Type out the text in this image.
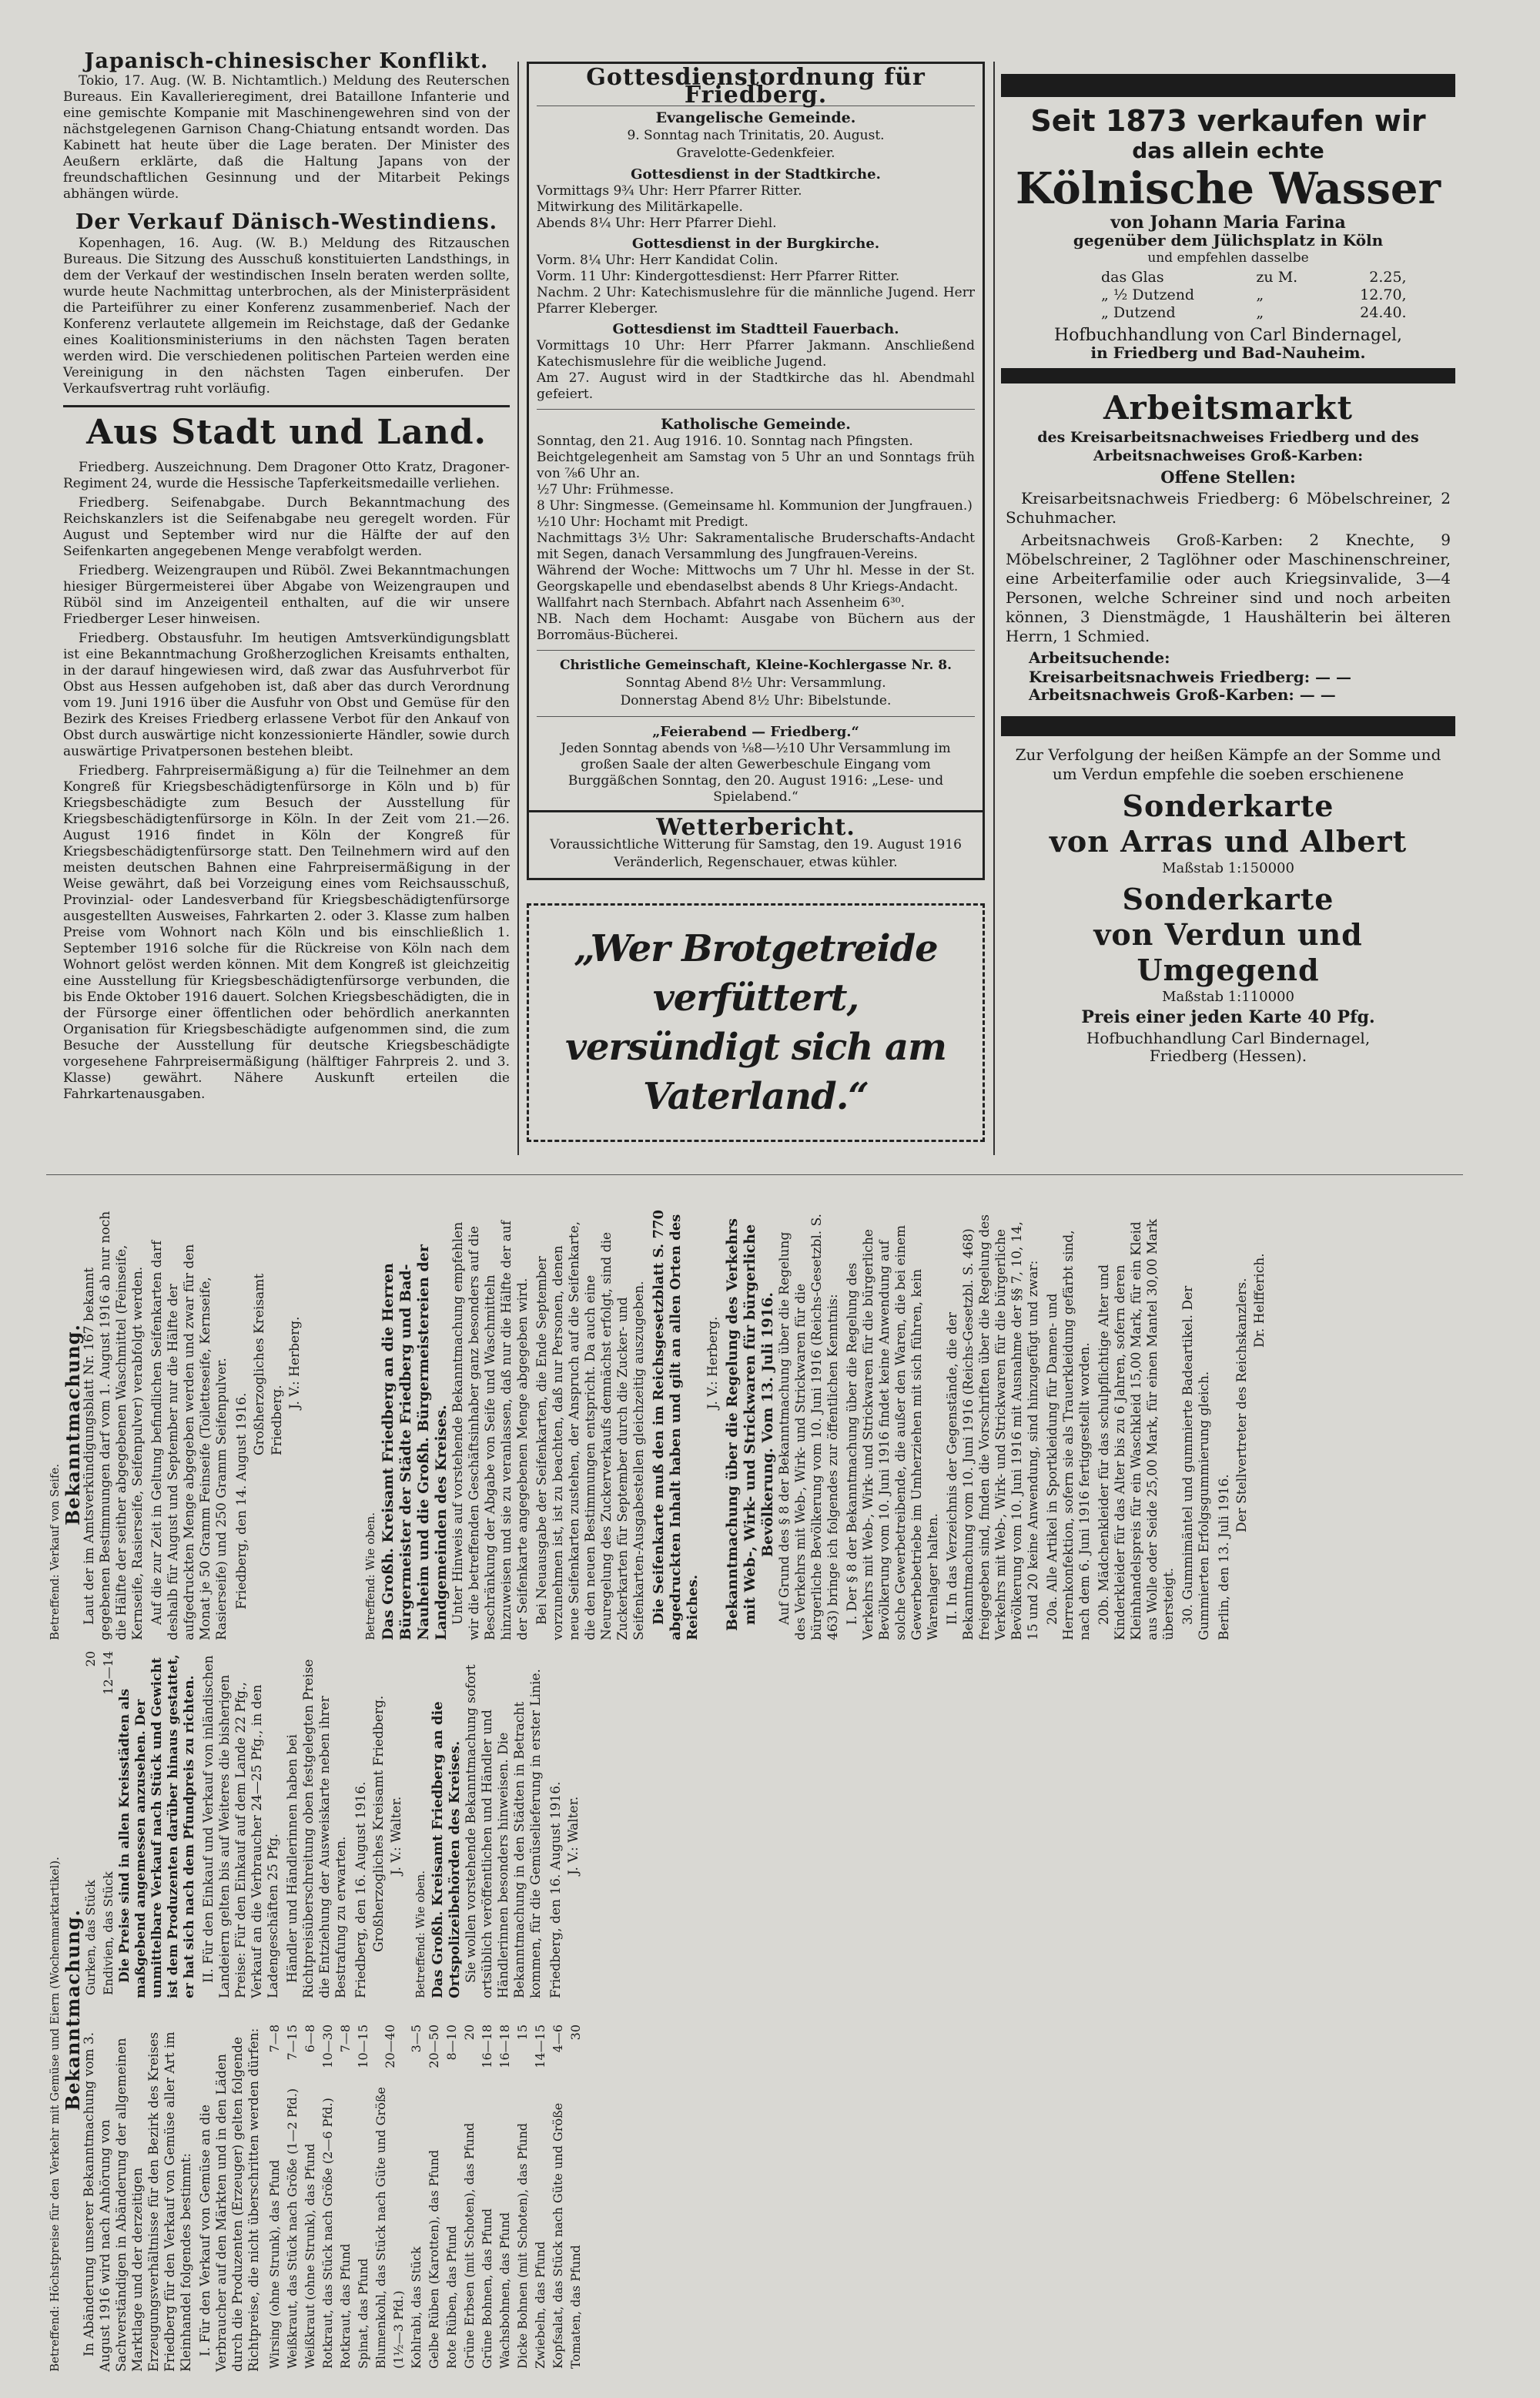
Japanisch-chinesischer Konflikt.

Tokio, 17. Aug. (W. B. Nichtamtlich.) Meldung des Reuterschen Bureaus. Ein Kavallerieregiment, drei Bataillone Infanterie und eine gemischte Kompanie mit Maschinengewehren sind von der nächstgelegenen Garnison Chang-Chiatung entsandt worden. Das Kabinett hat heute über die Lage beraten. Der Minister des Aeußern erklärte, daß die Haltung Japans von der freundschaftlichen Gesinnung und der Mitarbeit Pekings abhängen würde.

Der Verkauf Dänisch-Westindiens.

Kopenhagen, 16. Aug. (W. B.) Meldung des Ritzauschen Bureaus. Die Sitzung des Ausschuß konstituierten Landsthings, in dem der Verkauf der westindischen Inseln beraten werden sollte, wurde heute Nachmittag unterbrochen, als der Ministerpräsident die Parteiführer zu einer Konferenz zusammenberief. Nach der Konferenz verlautete allgemein im Reichstage, daß der Gedanke eines Koalitionsministeriums in den nächsten Tagen beraten werden wird. Die verschiedenen politischen Parteien werden eine Vereinigung in den nächsten Tagen einberufen. Der Verkaufsvertrag ruht vorläufig.

Aus Stadt und Land.

Friedberg. Auszeichnung. Dem Dragoner Otto Kratz, Dragoner-Regiment 24, wurde die Hessische Tapferkeitsmedaille verliehen.

Friedberg. Seifenabgabe. Durch Bekanntmachung des Reichskanzlers ist die Seifenabgabe neu geregelt worden. Für August und September wird nur die Hälfte der auf den Seifenkarten angegebenen Menge verabfolgt werden.

Friedberg. Weizengraupen und Rüböl. Zwei Bekanntmachungen hiesiger Bürgermeisterei über Abgabe von Weizengraupen und Rüböl sind im Anzeigenteil enthalten, auf die wir unsere Friedberger Leser hinweisen.

Friedberg. Obstausfuhr. Im heutigen Amtsverkündigungsblatt ist eine Bekanntmachung Großherzoglichen Kreisamts enthalten, in der darauf hingewiesen wird, daß zwar das Ausfuhrverbot für Obst aus Hessen aufgehoben ist, daß aber das durch Verordnung vom 19. Juni 1916 über die Ausfuhr von Obst und Gemüse für den Bezirk des Kreises Friedberg erlassene Verbot für den Ankauf von Obst durch auswärtige nicht konzessionierte Händler, sowie durch auswärtige Privatpersonen bestehen bleibt.

Friedberg. Fahrpreisermäßigung a) für die Teilnehmer an dem Kongreß für Kriegsbeschädigtenfürsorge in Köln und b) für Kriegsbeschädigte zum Besuch der Ausstellung für Kriegsbeschädigtenfürsorge in Köln. In der Zeit vom 21.—26. August 1916 findet in Köln der Kongreß für Kriegsbeschädigtenfürsorge statt. Den Teilnehmern wird auf den meisten deutschen Bahnen eine Fahrpreisermäßigung in der Weise gewährt, daß bei Vorzeigung eines vom Reichsausschuß, Provinzial- oder Landesverband für Kriegsbeschädigtenfürsorge ausgestellten Ausweises, Fahrkarten 2. oder 3. Klasse zum halben Preise vom Wohnort nach Köln und bis einschließlich 1. September 1916 solche für die Rückreise von Köln nach dem Wohnort gelöst werden können. Mit dem Kongreß ist gleichzeitig eine Ausstellung für Kriegsbeschädigtenfürsorge verbunden, die bis Ende Oktober 1916 dauert. Solchen Kriegsbeschädigten, die in der Fürsorge einer öffentlichen oder behördlich anerkannten Organisation für Kriegsbeschädigte aufgenommen sind, die zum Besuche der Ausstellung für deutsche Kriegsbeschädigte vorgesehene Fahrpreisermäßigung (hälftiger Fahrpreis 2. und 3. Klasse) gewährt. Nähere Auskunft erteilen die Fahrkartenausgaben.

Gottesdienstordnung für Friedberg.
Evangelische Gemeinde.
9. Sonntag nach Trinitatis, 20. August.
Gravelotte-Gedenkfeier.
Gottesdienst in der Stadtkirche.
Vormittags 9¾ Uhr: Herr Pfarrer Ritter.
Mitwirkung des Militärkapelle.
Abends 8¼ Uhr: Herr Pfarrer Diehl.
Gottesdienst in der Burgkirche.
Vorm. 8¼ Uhr: Herr Kandidat Colin.
Vorm. 11 Uhr: Kindergottesdienst: Herr Pfarrer Ritter.
Nachm. 2 Uhr: Katechismuslehre für die männliche Jugend. Herr Pfarrer Kleberger.
Gottesdienst im Stadtteil Fauerbach.
Vormittags 10 Uhr: Herr Pfarrer Jakmann. Anschließend Katechismuslehre für die weibliche Jugend.
Am 27. August wird in der Stadtkirche das hl. Abendmahl gefeiert.
Katholische Gemeinde.
Sonntag, den 21. Aug 1916. 10. Sonntag nach Pfingsten.
Beichtgelegenheit am Samstag von 5 Uhr an und Sonntags früh von ⅞6 Uhr an.
½7 Uhr: Frühmesse.
8 Uhr: Singmesse. (Gemeinsame hl. Kommunion der Jungfrauen.)
½10 Uhr: Hochamt mit Predigt.
Nachmittags 3½ Uhr: Sakramentalische Bruderschafts-Andacht mit Segen, danach Versammlung des Jungfrauen-Vereins.
Während der Woche: Mittwochs um 7 Uhr hl. Messe in der St. Georgskapelle und ebendaselbst abends 8 Uhr Kriegs-Andacht.
Wallfahrt nach Sternbach. Abfahrt nach Assenheim 6³⁰.
NB. Nach dem Hochamt: Ausgabe von Büchern aus der Borromäus-Bücherei.
Christliche Gemeinschaft, Kleine-Kochlergasse Nr. 8.
Sonntag Abend 8½ Uhr: Versammlung.
Donnerstag Abend 8½ Uhr: Bibelstunde.
„Feierabend — Friedberg.“
Jeden Sonntag abends von ⅛8—½10 Uhr Versammlung im großen Saale der alten Gewerbeschule Eingang vom Burggäßchen Sonntag, den 20. August 1916: „Lese- und Spielabend.“
Wetterbericht.
Voraussichtliche Witterung für Samstag, den 19. August 1916
Veränderlich, Regenschauer, etwas kühler.
„Wer Brotgetreide verfüttert,
versündigt sich am Vaterland.“
Seit 1873 verkaufen wir
das allein echte
Kölnische Wasser
von Johann Maria Farina
gegenüber dem Jülichsplatz in Köln
und empfehlen dasselbe
das Glas	zu M.	2.25,
„ ½ Dutzend	„	12.70,
„ Dutzend	„	24.40.
Hofbuchhandlung von Carl Bindernagel,
in Friedberg und Bad-Nauheim.
Arbeitsmarkt
des Kreisarbeitsnachweises Friedberg und des Arbeitsnachweises Groß-Karben:
Offene Stellen:

Kreisarbeitsnachweis Friedberg: 6 Möbelschreiner, 2 Schuhmacher.

Arbeitsnachweis Groß-Karben: 2 Knechte, 9 Möbelschreiner, 2 Taglöhner oder Maschinenschreiner, eine Arbeiterfamilie oder auch Kriegsinvalide, 3—4 Personen, welche Schreiner sind und noch arbeiten können, 3 Dienstmägde, 1 Haushälterin bei älteren Herrn, 1 Schmied.

Arbeitsuchende:
Kreisarbeitsnachweis Friedberg: — —
Arbeitsnachweis Groß-Karben: — —
Zur Verfolgung der heißen Kämpfe an der Somme und um Verdun empfehle die soeben erschienene
Sonderkarte
von Arras und Albert
Maßstab 1:150000
Sonderkarte
von Verdun und Umgegend
Maßstab 1:110000
Preis einer jeden Karte 40 Pfg.
Hofbuchhandlung Carl Bindernagel,
Friedberg (Hessen).
Betreffend: Verkauf von Seife.
Bekanntmachung.

Laut der im Amtsverkündigungsblatt Nr. 167 bekannt gegebenen Bestimmungen darf vom 1. August 1916 ab nur noch die Hälfte der seither abgegebenen Waschmittel (Feinseife, Kernseife, Rasierseife, Seifenpulver) verabfolgt werden. Auf die zur Zeit in Geltung befindlichen Seifenkarten darf deshalb für August und September nur die Hälfte der aufgedruckten Menge abgegeben werden und zwar für den Monat je 50 Gramm Feinseife (Toiletteseife, Kernseife, Rasierseife) und 250 Gramm Seifenpulver. Friedberg, den 14. August 1916.
Großherzogliches Kreisamt Friedberg.
J. V.: Herberg.
Betreffend: Wie oben. Das Großh. Kreisamt Friedberg an die Herren Bürgermeister der Städte Friedberg und Bad-Nauheim und die Großh. Bürgermeistereien der Landgemeinden des Kreises. Unter Hinweis auf vorstehende Bekanntmachung empfehlen wir die betreffenden Geschäftsinhaber ganz besonders auf die Beschränkung der Abgabe von Seife und Waschmitteln hinzuweisen und sie zu veranlassen, daß nur die Hälfte der auf der Seifenkarte angegebenen Menge abgegeben wird. Bei Neuausgabe der Seifenkarten, die Ende September vorzunehmen ist, ist zu beachten, daß nur Personen, denen neue Seifenkarten zustehen, der Anspruch auf die Seifenkarte, die den neuen Bestimmungen entspricht. Da auch eine Neuregelung des Zuckerverkaufs demnächst erfolgt, sind die Zuckerkarten für September durch die Zucker- und Seifenkarten-Ausgabestellen gleichzeitig auszugeben. Die Seifenkarte muß den im Reichsgesetzblatt S. 770 abgedruckten Inhalt haben und gilt an allen Orten des Reiches.

J. V.: Herberg. Bekanntmachung über die Regelung des Verkehrs mit Web-, Wirk- und Strickwaren für bürgerliche Bevölkerung. Vom 13. Juli 1916. Auf Grund des § 8 der Bekanntmachung über die Regelung des Verkehrs mit Web-, Wirk- und Strickwaren für die bürgerliche Bevölkerung vom 10. Juni 1916 (Reichs-Gesetzbl. S. 463) bringe ich folgendes zur öffentlichen Kenntnis: I. Der § 8 der Bekanntmachung über die Regelung des Verkehrs mit Web-, Wirk- und Strickwaren für die bürgerliche Bevölkerung vom 10. Juni 1916 findet keine Anwendung auf solche Gewerbetreibende, die außer den Waren, die bei einem Gewerbebetriebe im Umherziehen mit sich führen, kein Warenlager halten. II. In das Verzeichnis der Gegenstände, die der Bekanntmachung vom 10. Juni 1916 (Reichs-Gesetzbl. S. 468) freigegeben sind, finden die Vorschriften über die Regelung des Verkehrs mit Web-, Wirk- und Strickwaren für die bürgerliche Bevölkerung vom 10. Juni 1916 mit Ausnahme der §§ 7, 10, 14, 15 und 20 keine Anwendung, sind hinzugefügt und zwar: 20a. Alle Artikel in Sportkleidung für Damen- und Herrenkonfektion, sofern sie als Trauerkleidung gefärbt sind, nach dem 6. Juni 1916 fertiggestellt worden. 20b. Mädchenkleider für das schulpflichtige Alter und Kinderkleider für das Alter bis zu 6 Jahren, sofern deren Kleinhandelspreis für ein Waschkleid 15,00 Mark, für ein Kleid aus Wolle oder Seide 25,00 Mark, für einen Mantel 30,00 Mark übersteigt. 30. Gummimäntel und gummierte Badeartikel. Der Gummierten Erfolgsgummierung gleich. Berlin, den 13. Juli 1916.
Der Stellvertreter des Reichskanzlers. Dr. Helfferich.
Betreffend: Höchstpreise für den Verkehr mit Gemüse und Eiern (Wochenmarktartikel). Bekanntmachung.

In Abänderung unserer Bekanntmachung vom 3. August 1916 wird nach Anhörung von Sachverständigen in Abänderung der allgemeinen Marktlage und der derzeitigen Erzeugungsverhältnisse für den Bezirk des Kreises Friedberg für den Verkauf von Gemüse aller Art im Kleinhandel folgendes bestimmt: I. Für den Verkauf von Gemüse an die Verbraucher auf den Märkten und in den Läden durch die Produzenten (Erzeuger) gelten folgende Richtpreise, die nicht überschritten werden dürfen: Wirsing (ohne Strunk), das Pfund	7—8
Weißkraut, das Stück nach Größe (1—2 Pfd.)	7—15
Weißkraut (ohne Strunk), das Pfund	6—8
Rotkraut, das Stück nach Größe (2—6 Pfd.)	10—30
Rotkraut, das Pfund	7—8
Spinat, das Pfund	10—15
Blumenkohl, das Stück nach Güte und Größe (1½—3 Pfd.)	20—40
Kohlrabi, das Stück	3—5
Gelbe Rüben (Karotten), das Pfund	20—50
Rote Rüben, das Pfund	8—10
Grüne Erbsen (mit Schoten), das Pfund	20
Grüne Bohnen, das Pfund	16—18
Wachsbohnen, das Pfund	16—18
Dicke Bohnen (mit Schoten), das Pfund	15
Zwiebeln, das Pfund	14—15
Kopfsalat, das Stück nach Güte und Größe	4—6
Tomaten, das Pfund	30
Gurken, das Stück	20
Endivien, das Stück	12—14

Die Preise sind in allen Kreisstädten als maßgebend angemessen anzusehen. Der unmittelbare Verkauf nach Stück und Gewicht ist dem Produzenten darüber hinaus gestattet, er hat sich nach dem Pfundpreis zu richten. II. Für den Einkauf und Verkauf von inländischen Landeiern gelten bis auf Weiteres die bisherigen Preise: Für den Einkauf auf dem Lande 22 Pfg., Verkauf an die Verbraucher 24—25 Pfg., in den Ladengeschäften 25 Pfg. Händler und Händlerinnen haben bei Richtpreisüberschreitung oben festgelegten Preise die Entziehung der Ausweiskarte neben ihrer Bestrafung zu erwarten. Friedberg, den 16. August 1916. Großherzogliches Kreisamt Friedberg. J. V.: Walter.
Betreffend: Wie oben. Das Großh. Kreisamt Friedberg an die Ortspolizeibehörden des Kreises. Sie wollen vorstehende Bekanntmachung sofort ortsüblich veröffentlichen und Händler und Händlerinnen besonders hinweisen. Die Bekanntmachung in den Städten in Betracht kommen, für die Gemüselieferung in erster Linie. Friedberg, den 16. August 1916. J. V.: Walter.
